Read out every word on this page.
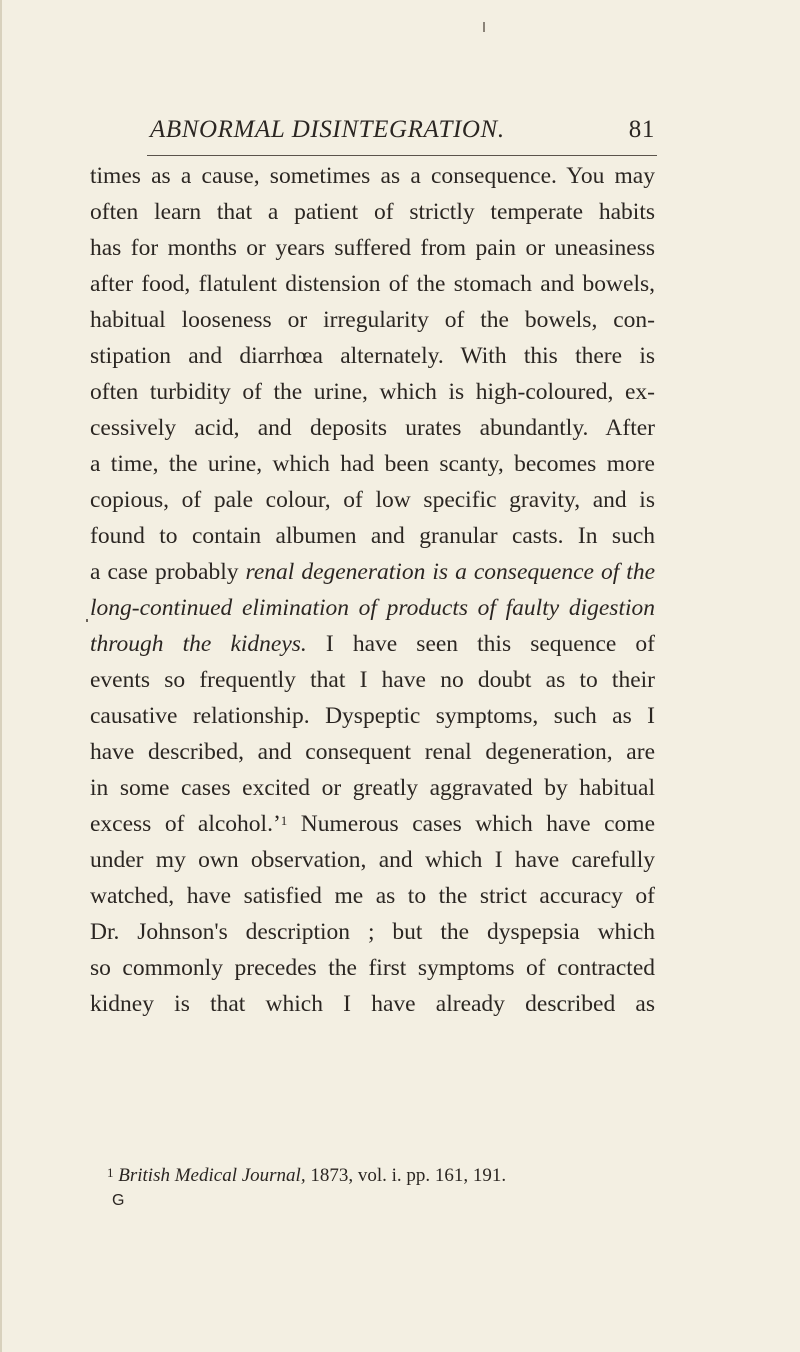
ABNORMAL DISINTEGRATION.	81
times as a cause, sometimes as a consequence. You may
often learn that a patient of strictly temperate habits
has for months or years suffered from pain or uneasiness
after food, flatulent distension of the stomach and bowels,
habitual looseness or irregularity of the bowels, con-
stipation and diarrhœa alternately. With this there is
often turbidity of the urine, which is high-coloured, ex-
cessively acid, and deposits urates abundantly. After
a time, the urine, which had been scanty, becomes more
copious, of pale colour, of low specific gravity, and is
found to contain albumen and granular casts. In such
a case probably renal degeneration is a consequence of the
long-continued elimination of products of faulty digestion
through the kidneys. I have seen this sequence of
events so frequently that I have no doubt as to their
causative relationship. Dyspeptic symptoms, such as I
have described, and consequent renal degeneration, are
in some cases excited or greatly aggravated by habitual
excess of alcohol.’$^1$ Numerous cases which have come
under my own observation, and which I have carefully
watched, have satisfied me as to the strict accuracy of
Dr. Johnson's description ; but the dyspepsia which
so commonly precedes the first symptoms of contracted
kidney is that which I have already described as
$^1$ British Medical Journal, 1873, vol. i. pp. 161, 191.
G
